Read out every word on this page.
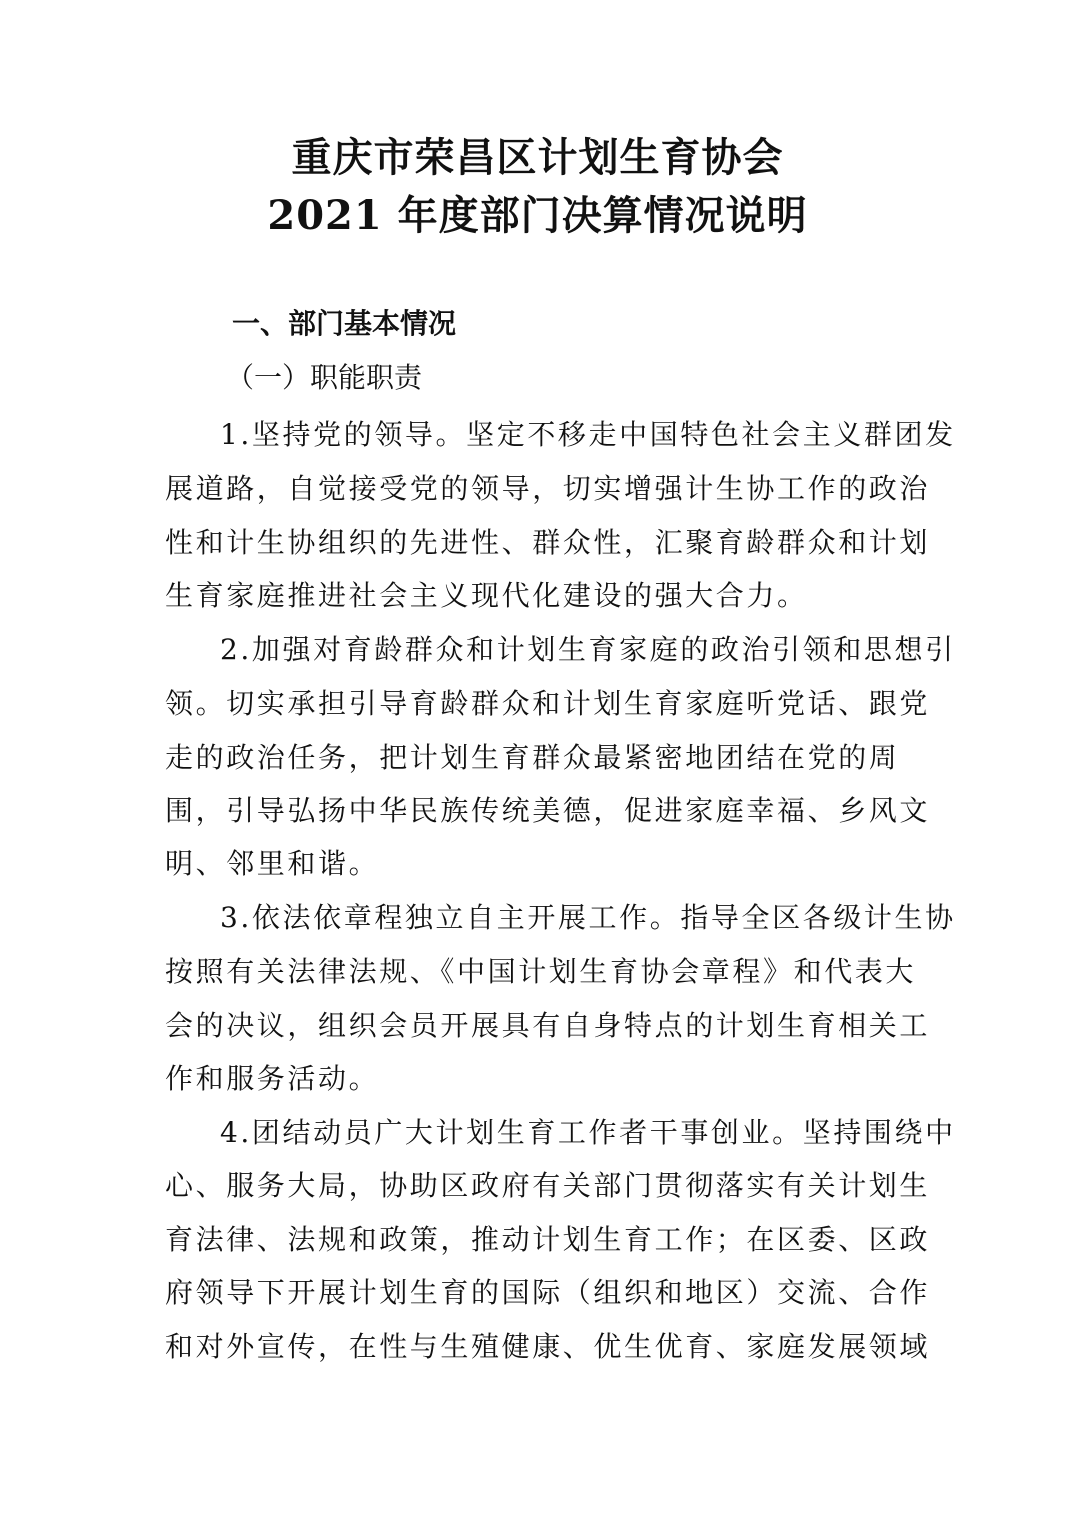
重庆市荣昌区计划生育协会
2021 年度部门决算情况说明
一、部门基本情况
（一）职能职责
1.坚持党的领导。坚定不移走中国特色社会主义群团发
展道路，自觉接受党的领导，切实增强计生协工作的政治
性和计生协组织的先进性、群众性，汇聚育龄群众和计划
生育家庭推进社会主义现代化建设的强大合力。
2.加强对育龄群众和计划生育家庭的政治引领和思想引
领。切实承担引导育龄群众和计划生育家庭听党话、跟党
走的政治任务，把计划生育群众最紧密地团结在党的周
围，引导弘扬中华民族传统美德，促进家庭幸福、乡风文
明、邻里和谐。
3.依法依章程独立自主开展工作。指导全区各级计生协
按照有关法律法规、《中国计划生育协会章程》和代表大
会的决议，组织会员开展具有自身特点的计划生育相关工
作和服务活动。
4.团结动员广大计划生育工作者干事创业。坚持围绕中
心、服务大局，协助区政府有关部门贯彻落实有关计划生
育法律、法规和政策，推动计划生育工作；在区委、区政
府领导下开展计划生育的国际（组织和地区）交流、合作
和对外宣传，在性与生殖健康、优生优育、家庭发展领域
